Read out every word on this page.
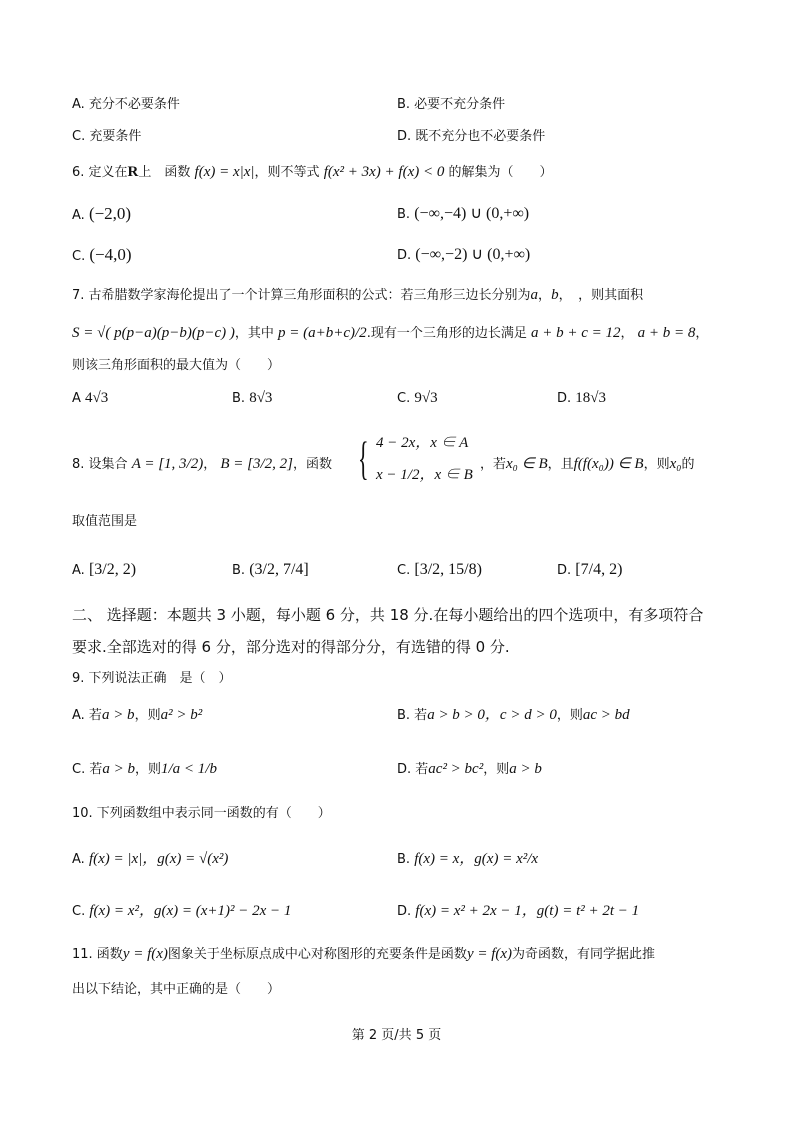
A. 充分不必要条件	B. 必要不充分条件
C. 充要条件	D. 既不充分也不必要条件
6. 定义在R上　函数 f(x) = x|x|，则不等式 f(x² + 3x) + f(x) < 0 的解集为（　　）
A. (−2,0)	B. (−∞,−4) ∪ (0,+∞)
C. (−4,0)	D. (−∞,−2) ∪ (0,+∞)
7. 古希腊数学家海伦提出了一个计算三角形面积的公式：若三角形三边长分别为a，b，　，则其面积
S = √( p(p−a)(p−b)(p−c) )，其中 p = (a+b+c)/2.现有一个三角形的边长满足 a + b + c = 12， a + b = 8，
则该三角形面积的最大值为（　　）
A 4√3	B. 8√3	C. 9√3	D. 18√3
8. 设集合 A = [1, 3/2)， B = [3/2, 2]，函数 { 4 − 2x，x ∈ A
x − 1/2，x ∈ B
，若x₀ ∈ B，且f(f(x₀)) ∈ B，则x₀的
取值范围是
A. [3/2, 2)	B. (3/2, 7/4]	C. [3/2, 15/8)	D. [7/4, 2)
二、 选择题：本题共 3 小题，每小题 6 分，共 18 分.在每小题给出的四个选项中，有多项符合
要求.全部选对的得 6 分，部分选对的得部分分，有选错的得 0 分.
9. 下列说法正确　是（　）
A. 若a > b，则a² > b²	B. 若a > b > 0，c > d > 0，则ac > bd
C. 若a > b，则1/a < 1/b	D. 若ac² > bc²，则a > b
10. 下列函数组中表示同一函数的有（　　）
A. f(x) = |x|，g(x) = √(x²)	B. f(x) = x，g(x) = x²/x
C. f(x) = x²，g(x) = (x+1)² − 2x − 1	D. f(x) = x² + 2x − 1，g(t) = t² + 2t − 1
11. 函数y = f(x)图象关于坐标原点成中心对称图形的充要条件是函数y = f(x)为奇函数，有同学据此推
出以下结论，其中正确的是（　　）
第 2 页/共 5 页
